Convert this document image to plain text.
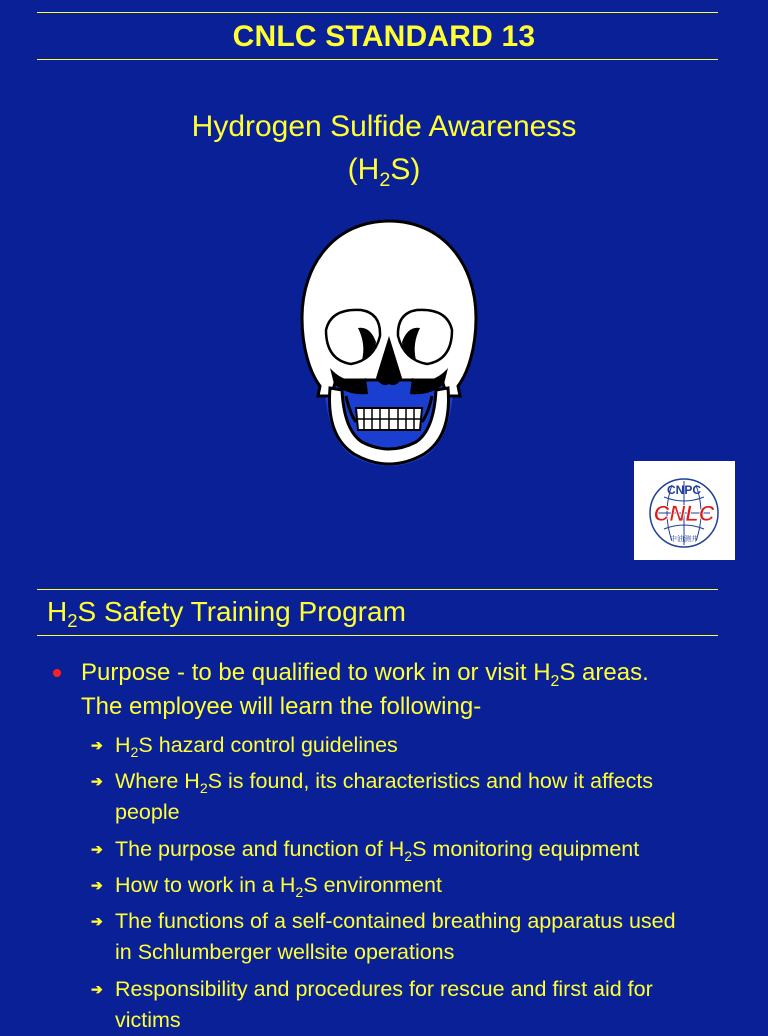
CNLC STANDARD 13
Hydrogen Sulfide Awareness
$(H_2S)$
CNPC
CNLC
中油测井
$H_2S$ Safety Training Program
Purpose - to be qualified to work in or visit $H_2S$ areas.
The employee will learn the following-
➔ $H_2S$ hazard control guidelines
➔ Where $H_2S$ is found, its characteristics and how it affects people
➔ The purpose and function of $H_2S$ monitoring equipment
➔ How to work in a $H_2S$ environment
➔ The functions of a self-contained breathing apparatus used in Schlumberger wellsite operations
➔ Responsibility and procedures for rescue and first aid for victims
